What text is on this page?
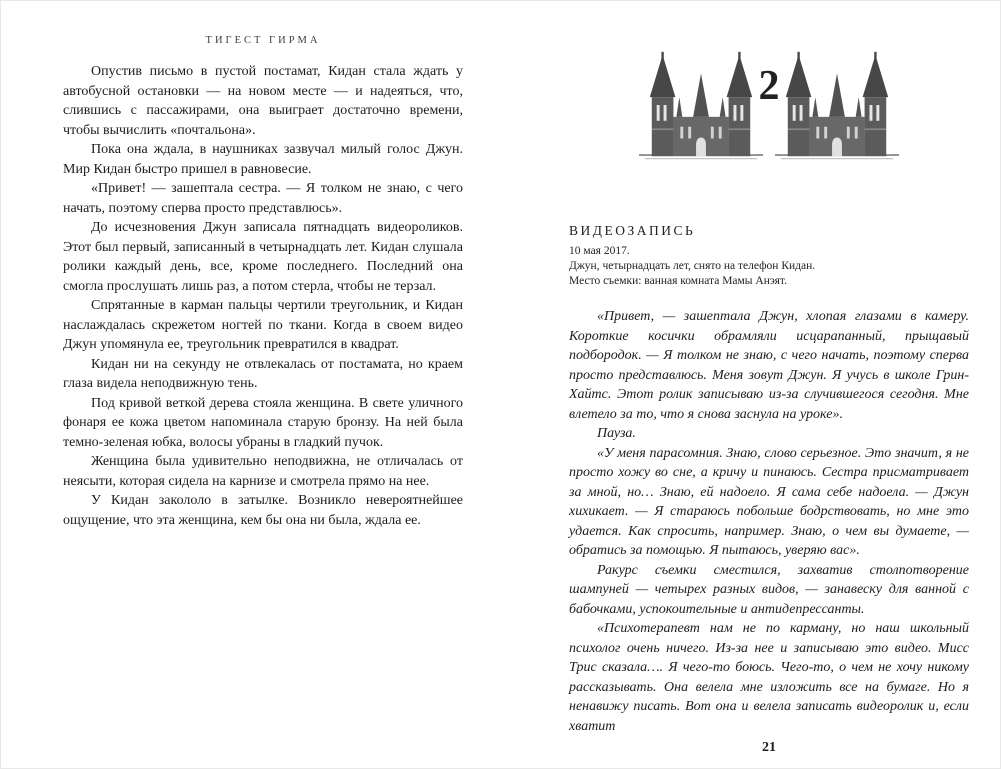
ТИГЕСТ ГИРМА

Опустив письмо в пустой постамат, Кидан стала ждать у автобусной остановки — на новом месте — и надеяться, что, слившись с пассажирами, она выиграет достаточно времени, чтобы вычислить «почтальона».

Пока она ждала, в наушниках зазвучал милый голос Джун. Мир Кидан быстро пришел в равновесие.

«Привет! — зашептала сестра. — Я толком не знаю, с чего начать, поэтому сперва просто представлюсь».

До исчезновения Джун записала пятнадцать видеороликов. Этот был первый, записанный в четырнадцать лет. Кидан слушала ролики каждый день, все, кроме последнего. Последний она смогла прослушать лишь раз, а потом стерла, чтобы не терзал.

Спрятанные в карман пальцы чертили треугольник, и Кидан наслаждалась скрежетом ногтей по ткани. Когда в своем видео Джун упомянула ее, треугольник превратился в квадрат.

Кидан ни на секунду не отвлекалась от постамата, но краем глаза видела неподвижную тень.

Под кривой веткой дерева стояла женщина. В свете уличного фонаря ее кожа цветом напоминала старую бронзу. На ней была темно-зеленая юбка, волосы убраны в гладкий пучок.

Женщина была удивительно неподвижна, не отличалась от неясыти, которая сидела на карнизе и смотрела прямо на нее.

У Кидан закололо в затылке. Возникло невероятнейшее ощущение, что эта женщина, кем бы она ни была, ждала ее.

2
ВИДЕОЗАПИСЬ
10 мая 2017.
Джун, четырнадцать лет, снято на телефон Кидан.
Место съемки: ванная комната Мамы Анэят.

«Привет, — зашептала Джун, хлопая глазами в камеру. Короткие косички обрамляли исцарапанный, прыщавый подбородок. — Я толком не знаю, с чего начать, поэтому сперва просто представлюсь. Меня зовут Джун. Я учусь в школе Грин-Хайтс. Этот ролик записываю из-за случившегося сегодня. Мне влетело за то, что я снова заснула на уроке».

Пауза.

«У меня парасомния. Знаю, слово серьезное. Это значит, я не просто хожу во сне, а кричу и пинаюсь. Сестра присматривает за мной, но… Знаю, ей надоело. Я сама себе надоела. — Джун хихикает. — Я стараюсь побольше бодрствовать, но мне это удается. Как спросить, например. Знаю, о чем вы думаете, — обратись за помощью. Я пытаюсь, уверяю вас».

Ракурс съемки сместился, захватив столпотворение шампуней — четырех разных видов, — занавеску для ванной с бабочками, успокоительные и антидепрессанты.

«Психотерапевт нам не по карману, но наш школьный психолог очень ничего. Из-за нее и записываю это видео. Мисс Трис сказала…. Я чего-то боюсь. Чего-то, о чем не хочу никому рассказывать. Она велела мне изложить все на бумаге. Но я ненавижу писать. Вот она и велела записать видеоролик и, если хватит

21
